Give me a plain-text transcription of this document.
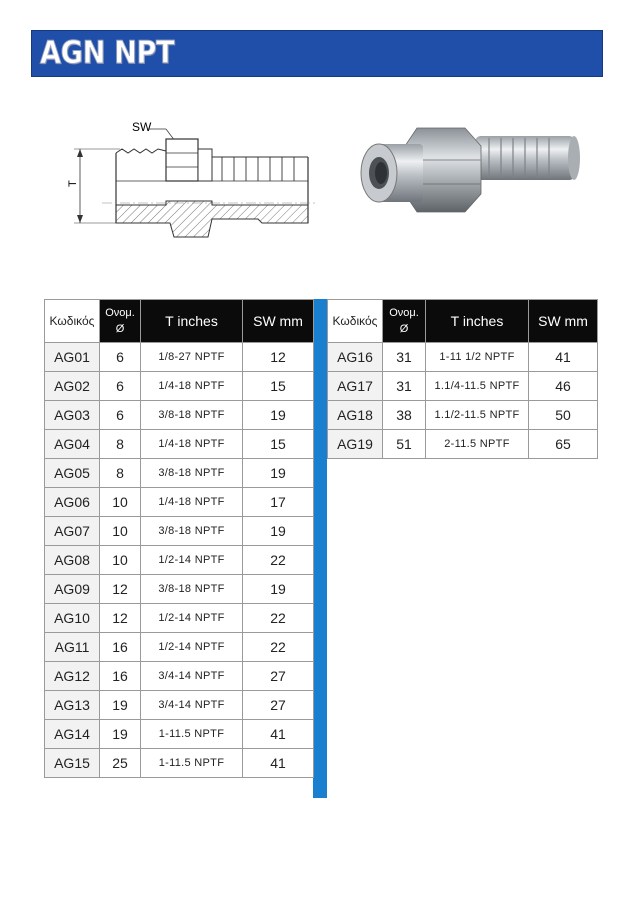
AGN NPT
T
SW
Κωδικός	Ονομ.
Ø	T inches	SW mm
AG01	6	1/8-27 NPTF	12
AG02	6	1/4-18 NPTF	15
AG03	6	3/8-18 NPTF	19
AG04	8	1/4-18 NPTF	15
AG05	8	3/8-18 NPTF	19
AG06	10	1/4-18 NPTF	17
AG07	10	3/8-18 NPTF	19
AG08	10	1/2-14 NPTF	22
AG09	12	3/8-18 NPTF	19
AG10	12	1/2-14 NPTF	22
AG11	16	1/2-14 NPTF	22
AG12	16	3/4-14 NPTF	27
AG13	19	3/4-14 NPTF	27
AG14	19	1-11.5 NPTF	41
AG15	25	1-11.5 NPTF	41
Κωδικός	Ονομ.
Ø	T inches	SW mm
AG16	31	1-11 1/2 NPTF	41
AG17	31	1.1/4-11.5 NPTF	46
AG18	38	1.1/2-11.5 NPTF	50
AG19	51	2-11.5 NPTF	65
